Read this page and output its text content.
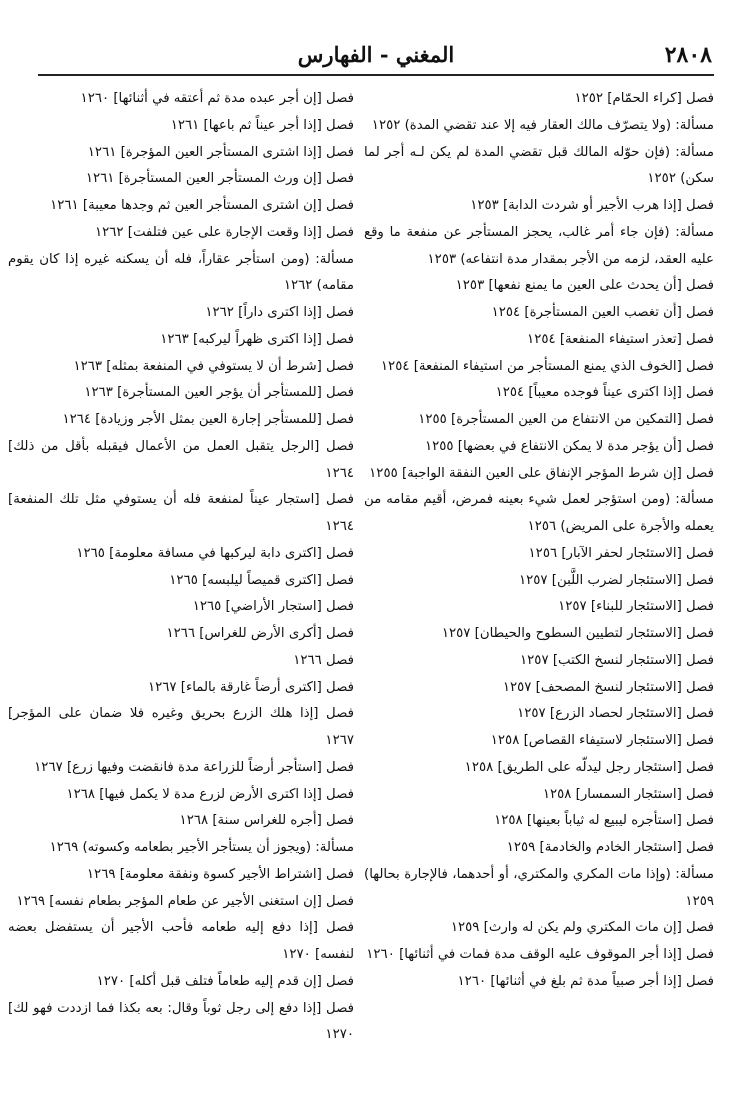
٢٨٠٨
المغني - الفهارس

فصل [كراء الحمّام] ١٢٥٢

مسألة: (ولا يتصرّف مالك العقار فيه إلا عند تقضي المدة) ١٢٥٢

مسألة: (فإن حوّله المالك قبل تقضي المدة لم يكن لـه أجر لما سكن) ١٢٥٢

فصل [إذا هرب الأجير أو شردت الدابة] ١٢٥٣

مسألة: (فإن جاء أمر غالب، يحجز المستأجر عن منفعة ما وقع عليه العقد، لزمه من الأجر بمقدار مدة انتفاعه) ١٢٥٣

فصل [أن يحدث على العين ما يمنع نفعها] ١٢٥٣

فصل [أن تغصب العين المستأجرة] ١٢٥٤

فصل [تعذر استيفاء المنفعة] ١٢٥٤

فصل [الخوف الذي يمنع المستأجر من استيفاء المنفعة] ١٢٥٤

فصل [إذا اكترى عيناً فوجده معيباً] ١٢٥٤

فصل [التمكين من الانتفاع من العين المستأجرة] ١٢٥٥

فصل [أن يؤجر مدة لا يمكن الانتفاع في بعضها] ١٢٥٥

فصل [إن شرط المؤجر الإنفاق على العين النفقة الواجبة] ١٢٥٥

مسألة: (ومن استؤجر لعمل شيء بعينه فمرض، أقيم مقامه من يعمله والأجرة على المريض) ١٢٥٦

فصل [الاستئجار لحفر الآبار] ١٢٥٦

فصل [الاستئجار لضرب اللَّبن] ١٢٥٧

فصل [الاستئجار للبناء] ١٢٥٧

فصل [الاستئجار لتطيين السطوح والحيطان] ١٢٥٧

فصل [الاستئجار لنسخ الكتب] ١٢٥٧

فصل [الاستئجار لنسخ المصحف] ١٢٥٧

فصل [الاستئجار لحصاد الزرع] ١٢٥٧

فصل [الاستئجار لاستيفاء القصاص] ١٢٥٨

فصل [استئجار رجل ليدلّه على الطريق] ١٢٥٨

فصل [استئجار السمسار] ١٢٥٨

فصل [استأجره ليبيع له ثياباً بعينها] ١٢٥٨

فصل [استئجار الخادم والخادمة] ١٢٥٩

مسألة: (وإذا مات المكري والمكتري، أو أحدهما، فالإجارة بحالها) ١٢٥٩

فصل [إن مات المكتري ولم يكن له وارث] ١٢٥٩

فصل [إذا أجر الموقوف عليه الوقف مدة فمات في أثنائها] ١٢٦٠

فصل [إذا أجر صبياً مدة ثم بلغ في أثنائها] ١٢٦٠

فصل [إن أجر عبده مدة ثم أعتقه في أثنائها] ١٢٦٠

فصل [إذا أجر عيناً ثم باعها] ١٢٦١

فصل [إذا اشترى المستأجر العين المؤجرة] ١٢٦١

فصل [إن ورث المستأجر العين المستأجرة] ١٢٦١

فصل [إن اشترى المستأجر العين ثم وجدها معيبة] ١٢٦١

فصل [إذا وقعت الإجارة على عين فتلفت] ١٢٦٢

مسألة: (ومن استأجر عقاراً، فله أن يسكنه غيره إذا كان يقوم مقامه) ١٢٦٢

فصل [إذا اكترى داراً] ١٢٦٢

فصل [إذا اكترى ظهراً ليركبه] ١٢٦٣

فصل [شرط أن لا يستوفي في المنفعة بمثله] ١٢٦٣

فصل [للمستأجر أن يؤجر العين المستأجرة] ١٢٦٣

فصل [للمستأجر إجارة العين بمثل الأجر وزيادة] ١٢٦٤

فصل [الرجل يتقبل العمل من الأعمال فيقبله بأقل من ذلك] ١٢٦٤

فصل [استجار عيناً لمنفعة فله أن يستوفي مثل تلك المنفعة] ١٢٦٤

فصل [اكترى دابة ليركبها في مسافة معلومة] ١٢٦٥

فصل [اكترى قميصاً ليلبسه] ١٢٦٥

فصل [استجار الأراضي] ١٢٦٥

فصل [أكرى الأرض للغراس] ١٢٦٦

فصل ١٢٦٦

فصل [اكترى أرضاً غارقة بالماء] ١٢٦٧

فصل [إذا هلك الزرع بحريق وغيره فلا ضمان على المؤجر] ١٢٦٧

فصل [استأجر أرضاً للزراعة مدة فانقضت وفيها زرع] ١٢٦٧

فصل [إذا اكترى الأرض لزرع مدة لا يكمل فيها] ١٢٦٨

فصل [أجره للغراس سنة] ١٢٦٨

مسألة: (ويجوز أن يستأجر الأجير بطعامه وكسوته) ١٢٦٩

فصل [اشتراط الأجير كسوة ونفقة معلومة] ١٢٦٩

فصل [إن استغنى الأجير عن طعام المؤجر بطعام نفسه] ١٢٦٩

فصل [إذا دفع إليه طعامه فأحب الأجير أن يستفضل بعضه لنفسه] ١٢٧٠

فصل [إن قدم إليه طعاماً فتلف قبل أكله] ١٢٧٠

فصل [إذا دفع إلى رجل ثوباً وقال: بعه بكذا فما ازددت فهو لك] ١٢٧٠
